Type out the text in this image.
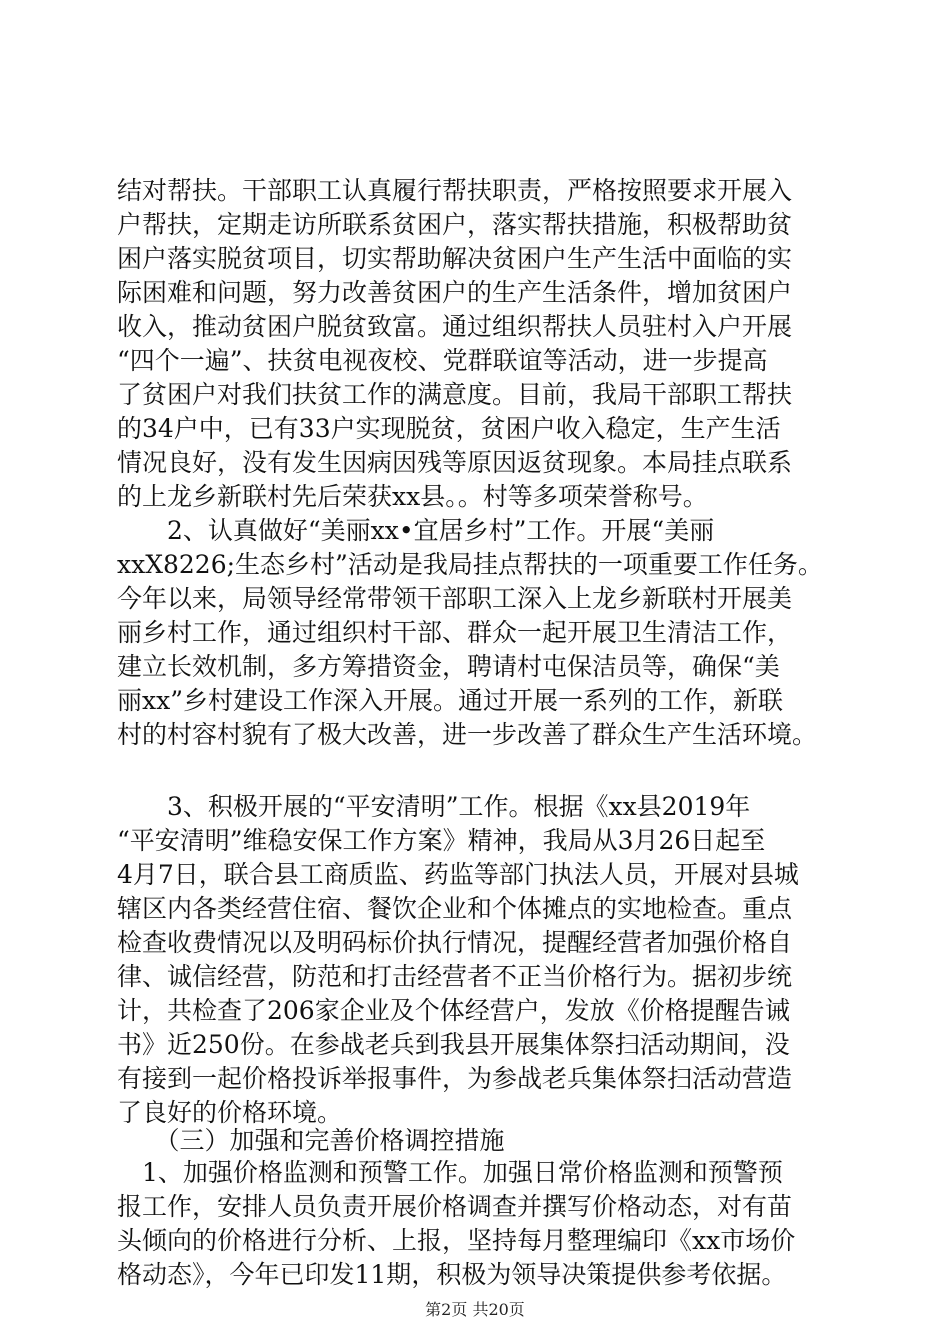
结对帮扶。干部职工认真履行帮扶职责，严格按照要求开展入
户帮扶，定期走访所联系贫困户，落实帮扶措施，积极帮助贫
困户落实脱贫项目，切实帮助解决贫困户生产生活中面临的实
际困难和问题，努力改善贫困户的生产生活条件，增加贫困户
收入，推动贫困户脱贫致富。通过组织帮扶人员驻村入户开展
“四个一遍”、扶贫电视夜校、党群联谊等活动，进一步提高
了贫困户对我们扶贫工作的满意度。目前，我局干部职工帮扶
的34户中，已有33户实现脱贫，贫困户收入稳定，生产生活
情况良好，没有发生因病因残等原因返贫现象。本局挂点联系
的上龙乡新联村先后荣获xx县。。村等多项荣誉称号。
　　2、认真做好“美丽xx•宜居乡村”工作。开展“美丽
xxX8226;生态乡村”活动是我局挂点帮扶的一项重要工作任务。
今年以来，局领导经常带领干部职工深入上龙乡新联村开展美
丽乡村工作，通过组织村干部、群众一起开展卫生清洁工作，
建立长效机制，多方筹措资金，聘请村屯保洁员等，确保“美
丽xx”乡村建设工作深入开展。通过开展一系列的工作，新联
村的村容村貌有了极大改善，进一步改善了群众生产生活环境。
　　3、积极开展的“平安清明”工作。根据《xx县2019年
“平安清明”维稳安保工作方案》精神，我局从3月26日起至
4月7日，联合县工商质监、药监等部门执法人员，开展对县城
辖区内各类经营住宿、餐饮企业和个体摊点的实地检查。重点
检查收费情况以及明码标价执行情况，提醒经营者加强价格自
律、诚信经营，防范和打击经营者不正当价格行为。据初步统
计，共检查了206家企业及个体经营户，发放《价格提醒告诫
书》近250份。在参战老兵到我县开展集体祭扫活动期间，没
有接到一起价格投诉举报事件，为参战老兵集体祭扫活动营造
了良好的价格环境。
　　（三）加强和完善价格调控措施
　1、加强价格监测和预警工作。加强日常价格监测和预警预
报工作，安排人员负责开展价格调查并撰写价格动态，对有苗
头倾向的价格进行分析、上报，坚持每月整理编印《xx市场价
格动态》，今年已印发11期，积极为领导决策提供参考依据。
第2页 共20页
